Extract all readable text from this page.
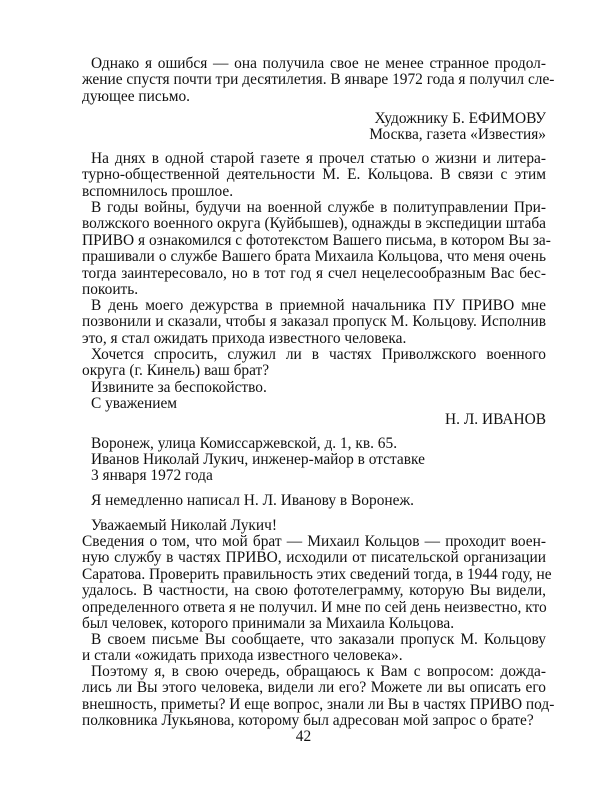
Однако я ошибся — она получила свое не менее странное продол-
жение спустя почти три десятилетия. В январе 1972 года я получил сле-
дующее письмо.

Художнику Б. ЕФИМОВУ

Москва, газета «Известия»

На днях в одной старой газете я прочел статью о жизни и литера-
турно-общественной деятельности М. Е. Кольцова. В связи с этим
вспомнилось прошлое.
В годы войны, будучи на военной службе в политуправлении При-
волжского военного округа (Куйбышев), однажды в экспедиции штаба
ПРИВО я ознакомился с фототекстом Вашего письма, в котором Вы за-
прашивали о службе Вашего брата Михаила Кольцова, что меня очень
тогда заинтересовало, но в тот год я счел нецелесообразным Вас бес-
покоить.
В день моего дежурства в приемной начальника ПУ ПРИВО мне
позвонили и сказали, чтобы я заказал пропуск М. Кольцову. Исполнив
это, я стал ожидать прихода известного человека.
Хочется спросить, служил ли в частях Приволжского военного
округа (г. Кинель) ваш брат?

Извините за беспокойство.

С уважением

Н. Л. ИВАНОВ

Воронеж, улица Комиссаржевской, д. 1, кв. 65.

Иванов Николай Лукич, инженер-майор в отставке

3 января 1972 года

Я немедленно написал Н. Л. Иванову в Воронеж.

Уважаемый Николай Лукич!

Сведения о том, что мой брат — Михаил Кольцов — проходит воен-
ную службу в частях ПРИВО, исходили от писательской организации
Саратова. Проверить правильность этих сведений тогда, в 1944 году, не
удалось. В частности, на свою фототелеграмму, которую Вы видели,
определенного ответа я не получил. И мне по сей день неизвестно, кто
был человек, которого принимали за Михаила Кольцова.
В своем письме Вы сообщаете, что заказали пропуск М. Кольцову
и стали «ожидать прихода известного человека».
Поэтому я, в свою очередь, обращаюсь к Вам с вопросом: дожда-
лись ли Вы этого человека, видели ли его? Можете ли вы описать его
внешность, приметы? И еще вопрос, знали ли Вы в частях ПРИВО под-
полковника Лукьянова, которому был адресован мой запрос о брате?

42
